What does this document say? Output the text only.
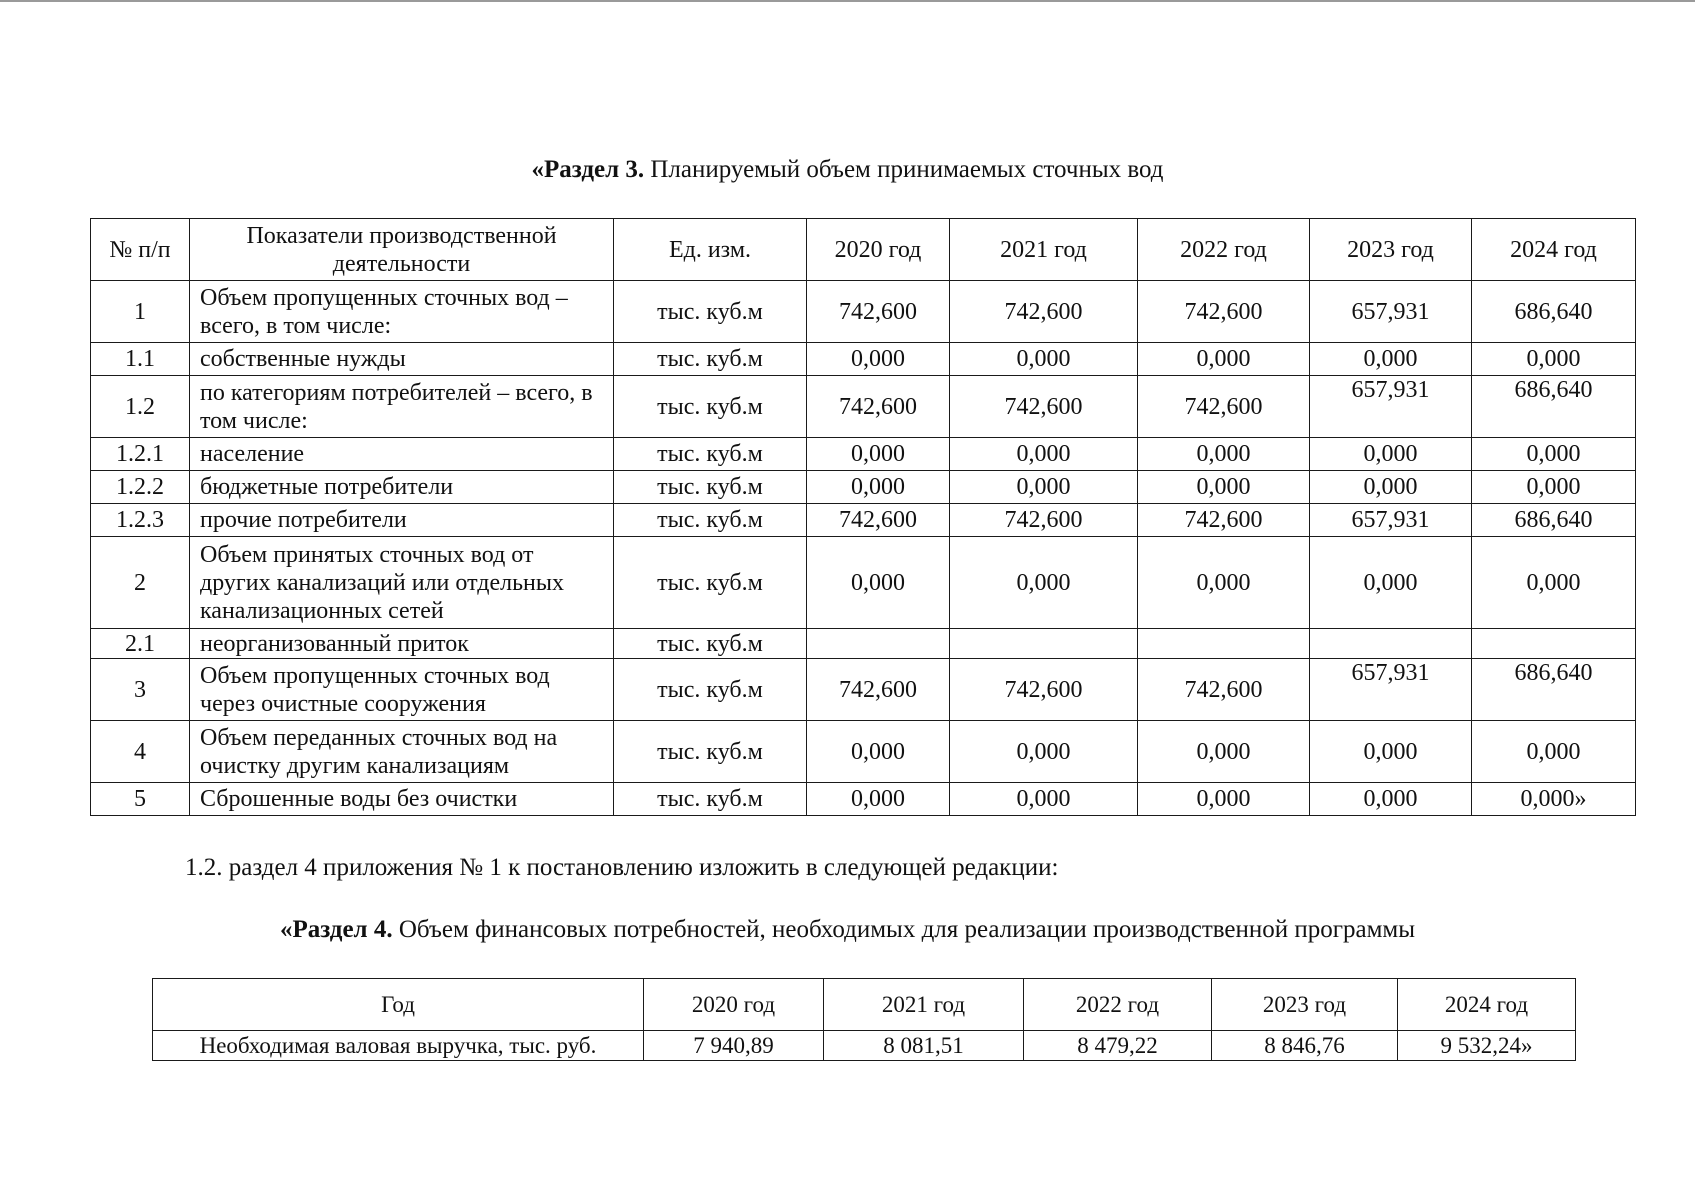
«Раздел 3. Планируемый объем принимаемых сточных вод
№ п/п	Показатели производственной деятельности	Ед. изм.	2020 год	2021 год	2022 год	2023 год	2024 год
1	Объем пропущенных сточных вод – всего, в том числе:	тыс. куб.м	742,600	742,600	742,600	657,931	686,640
1.1	собственные нужды	тыс. куб.м	0,000	0,000	0,000	0,000	0,000
1.2	по категориям потребителей – всего, в том числе:	тыс. куб.м	742,600	742,600	742,600	657,931	686,640
1.2.1	население	тыс. куб.м	0,000	0,000	0,000	0,000	0,000
1.2.2	бюджетные потребители	тыс. куб.м	0,000	0,000	0,000	0,000	0,000
1.2.3	прочие потребители	тыс. куб.м	742,600	742,600	742,600	657,931	686,640
2	Объем принятых сточных вод от других канализаций или отдельных канализационных сетей	тыс. куб.м	0,000	0,000	0,000	0,000	0,000
2.1	неорганизованный приток	тыс. куб.м					
3	Объем пропущенных сточных вод через очистные сооружения	тыс. куб.м	742,600	742,600	742,600	657,931	686,640
4	Объем переданных сточных вод на очистку другим канализациям	тыс. куб.м	0,000	0,000	0,000	0,000	0,000
5	Сброшенные воды без очистки	тыс. куб.м	0,000	0,000	0,000	0,000	0,000»
1.2. раздел 4 приложения № 1 к постановлению изложить в следующей редакции:
«Раздел 4. Объем финансовых потребностей, необходимых для реализации производственной программы
Год	2020 год	2021 год	2022 год	2023 год	2024 год
Необходимая валовая выручка, тыс. руб.	7 940,89	8 081,51	8 479,22	8 846,76	9 532,24»
